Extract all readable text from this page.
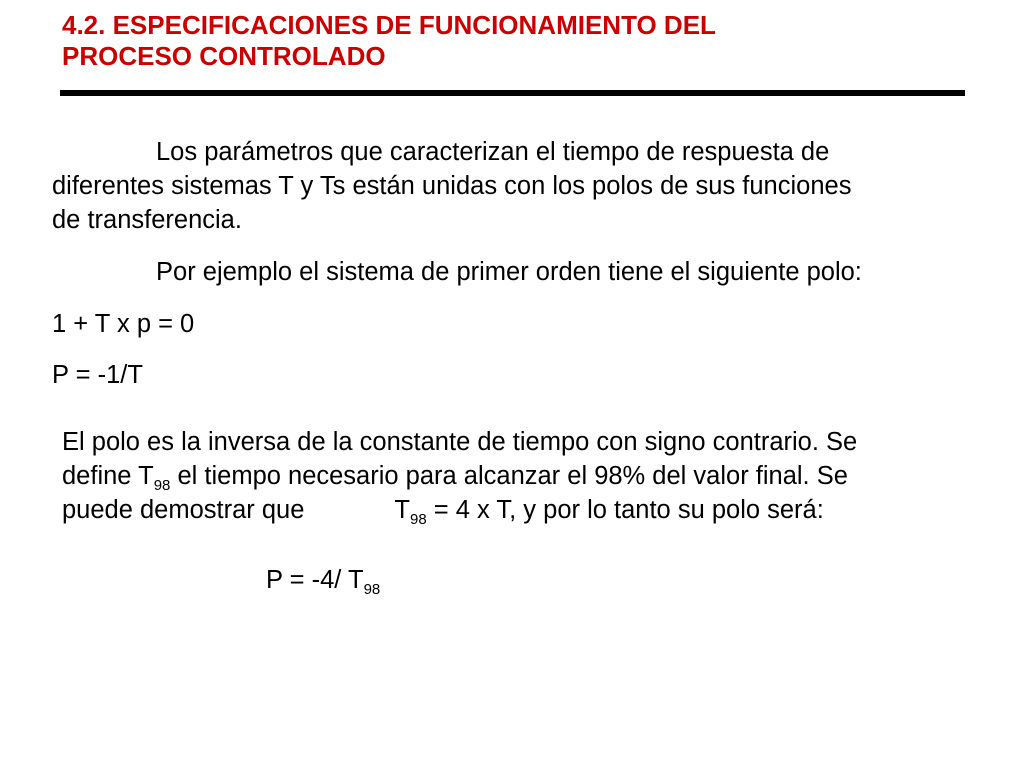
4.2. ESPECIFICACIONES DE FUNCIONAMIENTO DEL
PROCESO CONTROLADO

Los parámetros que caracterizan el tiempo de respuesta de
diferentes sistemas T y Ts están unidas con los polos de sus funciones
de transferencia.

Por ejemplo el sistema de primer orden tiene el siguiente polo:

1 + T x p = 0

P = -1/T

El polo es la inversa de la constante de tiempo con signo contrario. Se
define $T_{98}$ el tiempo necesario para alcanzar el 98% del valor final. Se
puede demostrar que	$T_{98} = 4$ x T, y por lo tanto su polo será:

P = -4/ $T_{98}$
